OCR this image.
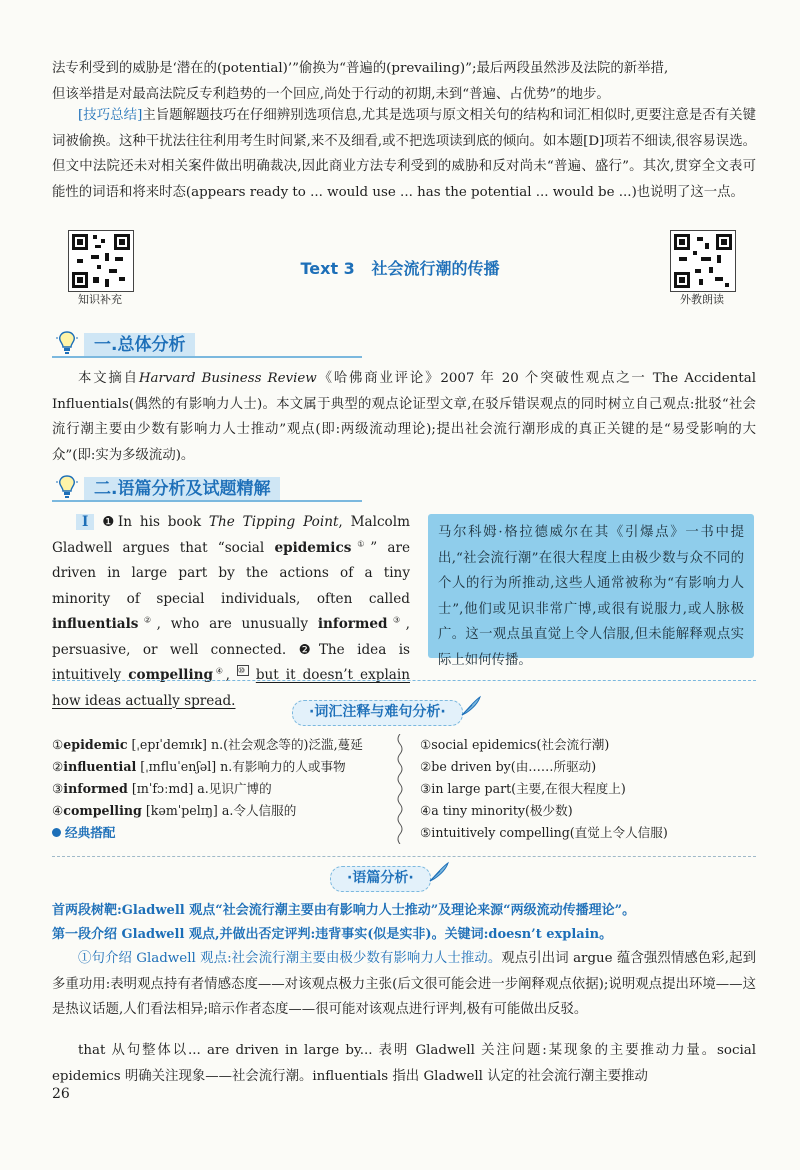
法专利受到的威胁是‘潜在的(potential)’”偷换为“普遍的(prevailing)”;最后两段虽然涉及法院的新举措,

但该举措是对最高法院反专利趋势的一个回应,尚处于行动的初期,未到“普遍、占优势”的地步。

[技巧总结]主旨题解题技巧在仔细辨别选项信息,尤其是选项与原文相关句的结构和词汇相似时,更要注意是否有关键词被偷换。这种干扰法往往利用考生时间紧,来不及细看,或不把选项读到底的倾向。如本题[D]项若不细读,很容易误选。但文中法院还未对相关案件做出明确裁决,因此商业方法专利受到的威胁和反对尚未“普遍、盛行”。其次,贯穿全文表可能性的词语和将来时态(appears ready to ... would use ... has the potential ... would be ...)也说明了这一点。

知识补充	外教朗读
Text 3   社会流行潮的传播
一.总体分析

本文摘自Harvard Business Review《哈佛商业评论》2007 年 20 个突破性观点之一 The Accidental Influentials(偶然的有影响力人士)。本文属于典型的观点论证型文章,在驳斥错误观点的同时树立自己观点:批驳“社会流行潮主要由少数有影响力人士推动”观点(即:两级流动理论);提出社会流行潮形成的真正关键的是“易受影响的大众”(即:实为多级流动)。

二.语篇分析及试题精解

I ❶In his book The Tipping Point, Malcolm Gladwell argues that “social epidemics①” are driven in large part by the actions of a tiny minority of special individuals, often called influentials②, who are unusually informed③, persuasive, or well connected. ❷The idea is intuitively compelling④, ⑩ but it doesn’t explain how ideas actually spread.

马尔科姆·格拉德威尔在其《引爆点》一书中提出,“社会流行潮”在很大程度上由极少数与众不同的个人的行为所推动,这些人通常被称为“有影响力人士”,他们或见识非常广博,或很有说服力,或人脉极广。这一观点虽直觉上令人信服,但未能解释观点实际上如何传播。
·词汇注释与难句分析·
①epidemic [ˌepɪˈdemɪk] n.(社会观念等的)泛滥,蔓延
②influential [ˌɪnfluˈenʃəl] n.有影响力的人或事物
③informed [ɪnˈfɔːmd] a.见识广博的
④compelling [kəmˈpelɪŋ] a.令人信服的
经典搭配
①social epidemics(社会流行潮)
②be driven by(由……所驱动)
③in large part(主要,在很大程度上)
④a tiny minority(极少数)
⑤intuitively compelling(直觉上令人信服)
·语篇分析·

首两段树靶:Gladwell 观点“社会流行潮主要由有影响力人士推动”及理论来源“两级流动传播理论”。

第一段介绍 Gladwell 观点,并做出否定评判:违背事实(似是实非)。关键词:doesn’t explain。

①句介绍 Gladwell 观点:社会流行潮主要由极少数有影响力人士推动。观点引出词 argue 蕴含强烈情感色彩,起到多重功用:表明观点持有者情感态度——对该观点极力主张(后文很可能会进一步阐释观点依据);说明观点提出环境——这是热议话题,人们看法相异;暗示作者态度——很可能对该观点进行评判,极有可能做出反驳。

that 从句整体以... are driven in large by... 表明 Gladwell 关注问题:某现象的主要推动力量。social epidemics 明确关注现象——社会流行潮。influentials 指出 Gladwell 认定的社会流行潮主要推动

26
